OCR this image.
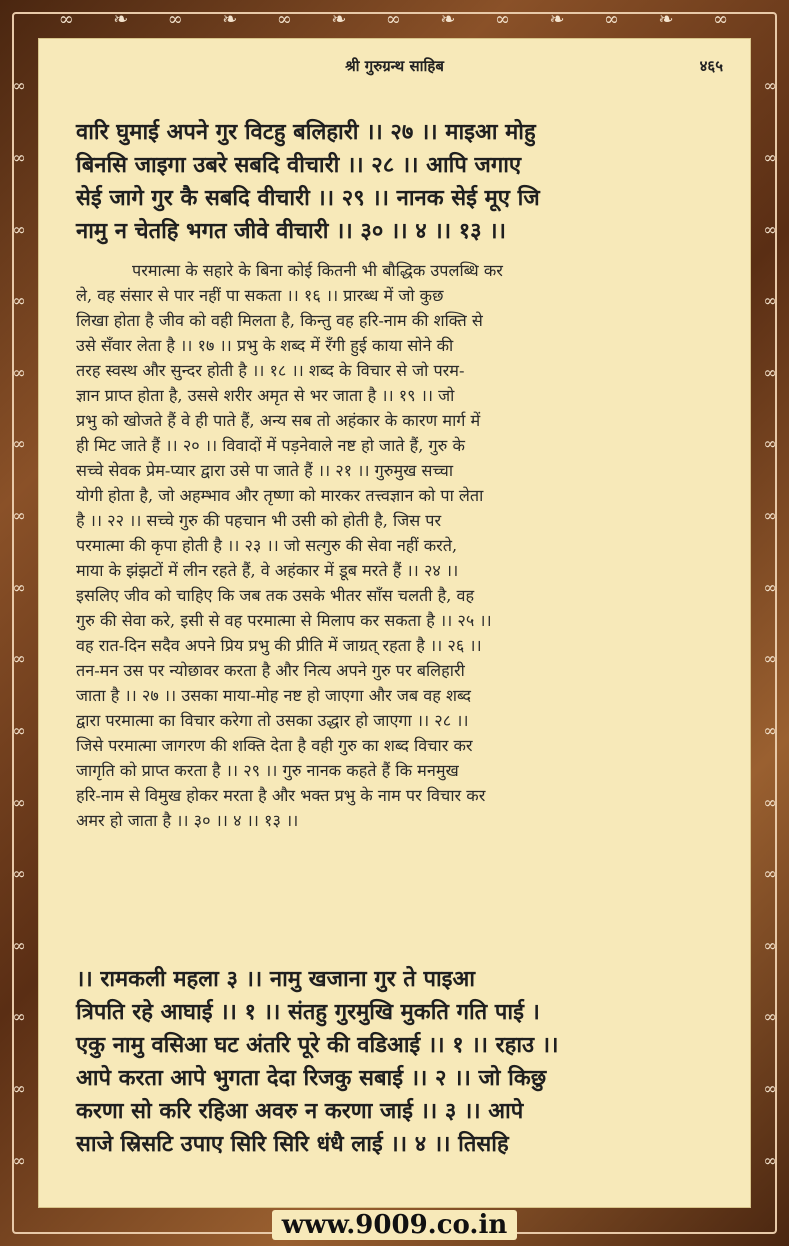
∞ ❧ ∞ ❧ ∞ ❧ ∞ ❧ ∞ ❧ ∞ ❧ ∞
∞
∞
∞
∞
∞
∞
∞
∞
∞
∞
∞
∞
∞
∞
∞
∞
∞
∞
∞
∞
∞
∞
∞
∞
∞
∞
∞
∞
∞
∞
∞
∞
श्री गुरुग्रन्थ साहिब	४६५
वारि घुमाई अपने गुर विटहु बलिहारी ।। २७ ।। माइआ मोहु
बिनसि जाइगा उबरे सबदि वीचारी ।। २८ ।। आपि जगाए
सेई जागे गुर कै सबदि वीचारी ।। २९ ।। नानक सेई मूए जि
नामु न चेतहि भगत जीवे वीचारी ।। ३० ।। ४ ।। १३ ।।
परमात्मा के सहारे के बिना कोई कितनी भी बौद्धिक उपलब्धि कर
ले, वह संसार से पार नहीं पा सकता ।। १६ ।। प्रारब्ध में जो कुछ
लिखा होता है जीव को वही मिलता है, किन्तु वह हरि-नाम की शक्ति से
उसे सँवार लेता है ।। १७ ।। प्रभु के शब्द में रँगी हुई काया सोने की
तरह स्वस्थ और सुन्दर होती है ।। १८ ।। शब्द के विचार से जो परम-
ज्ञान प्राप्त होता है, उससे शरीर अमृत से भर जाता है ।। १९ ।। जो
प्रभु को खोजते हैं वे ही पाते हैं, अन्य सब तो अहंकार के कारण मार्ग में
ही मिट जाते हैं ।। २० ।। विवादों में पड़नेवाले नष्ट हो जाते हैं, गुरु के
सच्चे सेवक प्रेम-प्यार द्वारा उसे पा जाते हैं ।। २१ ।। गुरुमुख सच्चा
योगी होता है, जो अहम्भाव और तृष्णा को मारकर तत्त्वज्ञान को पा लेता
है ।। २२ ।। सच्चे गुरु की पहचान भी उसी को होती है, जिस पर
परमात्मा की कृपा होती है ।। २३ ।। जो सत्गुरु की सेवा नहीं करते,
माया के झंझटों में लीन रहते हैं, वे अहंकार में डूब मरते हैं ।। २४ ।।
इसलिए जीव को चाहिए कि जब तक उसके भीतर साँस चलती है, वह
गुरु की सेवा करे, इसी से वह परमात्मा से मिलाप कर सकता है ।। २५ ।।
वह रात-दिन सदैव अपने प्रिय प्रभु की प्रीति में जाग्रत् रहता है ।। २६ ।।
तन-मन उस पर न्योछावर करता है और नित्य अपने गुरु पर बलिहारी
जाता है ।। २७ ।। उसका माया-मोह नष्ट हो जाएगा और जब वह शब्द
द्वारा परमात्मा का विचार करेगा तो उसका उद्धार हो जाएगा ।। २८ ।।
जिसे परमात्मा जागरण की शक्ति देता है वही गुरु का शब्द विचार कर
जागृति को प्राप्त करता है ।। २९ ।। गुरु नानक कहते हैं कि मनमुख
हरि-नाम से विमुख होकर मरता है और भक्त प्रभु के नाम पर विचार कर
अमर हो जाता है ।। ३० ।। ४ ।। १३ ।।
।। रामकली महला ३ ।। नामु खजाना गुर ते पाइआ
त्रिपति रहे आघाई ।। १ ।। संतहु गुरमुखि मुकति गति पाई ।
एकु नामु वसिआ घट अंतरि पूरे की वडिआई ।। १ ।। रहाउ ।।
आपे करता आपे भुगता देदा रिजकु सबाई ।। २ ।। जो किछु
करणा सो करि रहिआ अवरु न करणा जाई ।। ३ ।। आपे
साजे स्रिसटि उपाए सिरि सिरि धंधै लाई ।। ४ ।। तिसहि
www.9009.co.in
